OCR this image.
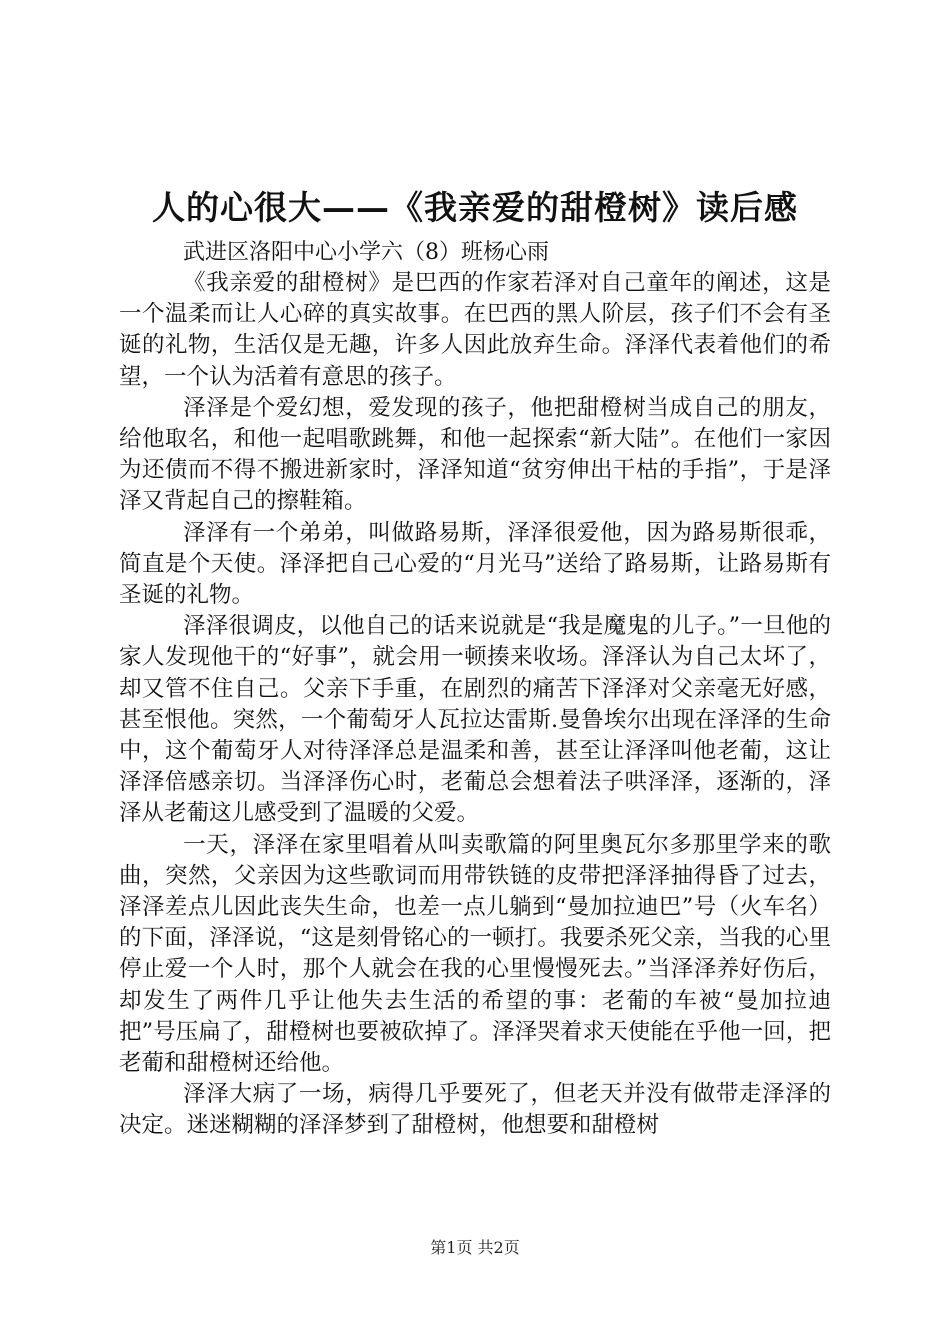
人的心很大——《我亲爱的甜橙树》读后感
武进区洛阳中心小学六（8）班杨心雨

《我亲爱的甜橙树》是巴西的作家若泽对自己童年的阐述，这是一个温柔而让人心碎的真实故事。在巴西的黑人阶层，孩子们不会有圣诞的礼物，生活仅是无趣，许多人因此放弃生命。泽泽代表着他们的希望，一个认为活着有意思的孩子。

泽泽是个爱幻想，爱发现的孩子，他把甜橙树当成自己的朋友，给他取名，和他一起唱歌跳舞，和他一起探索“新大陆”。在他们一家因为还债而不得不搬进新家时，泽泽知道“贫穷伸出干枯的手指”，于是泽泽又背起自己的擦鞋箱。

泽泽有一个弟弟，叫做路易斯，泽泽很爱他，因为路易斯很乖，简直是个天使。泽泽把自己心爱的“月光马”送给了路易斯，让路易斯有圣诞的礼物。

泽泽很调皮，以他自己的话来说就是“我是魔鬼的儿子。”一旦他的家人发现他干的“好事”，就会用一顿揍来收场。泽泽认为自己太坏了，却又管不住自己。父亲下手重，在剧烈的痛苦下泽泽对父亲毫无好感，甚至恨他。突然，一个葡萄牙人瓦拉达雷斯.曼鲁埃尔出现在泽泽的生命中，这个葡萄牙人对待泽泽总是温柔和善，甚至让泽泽叫他老葡，这让泽泽倍感亲切。当泽泽伤心时，老葡总会想着法子哄泽泽，逐渐的，泽泽从老葡这儿感受到了温暖的父爱。

一天，泽泽在家里唱着从叫卖歌篇的阿里奥瓦尔多那里学来的歌曲，突然，父亲因为这些歌词而用带铁链的皮带把泽泽抽得昏了过去，泽泽差点儿因此丧失生命，也差一点儿躺到“曼加拉迪巴”号（火车名）的下面，泽泽说，“这是刻骨铭心的一顿打。我要杀死父亲，当我的心里停止爱一个人时，那个人就会在我的心里慢慢死去。”当泽泽养好伤后，却发生了两件几乎让他失去生活的希望的事：老葡的车被“曼加拉迪把”号压扁了，甜橙树也要被砍掉了。泽泽哭着求天使能在乎他一回，把老葡和甜橙树还给他。

泽泽大病了一场，病得几乎要死了，但老天并没有做带走泽泽的决定。迷迷糊糊的泽泽梦到了甜橙树，他想要和甜橙树

第1页 共2页
